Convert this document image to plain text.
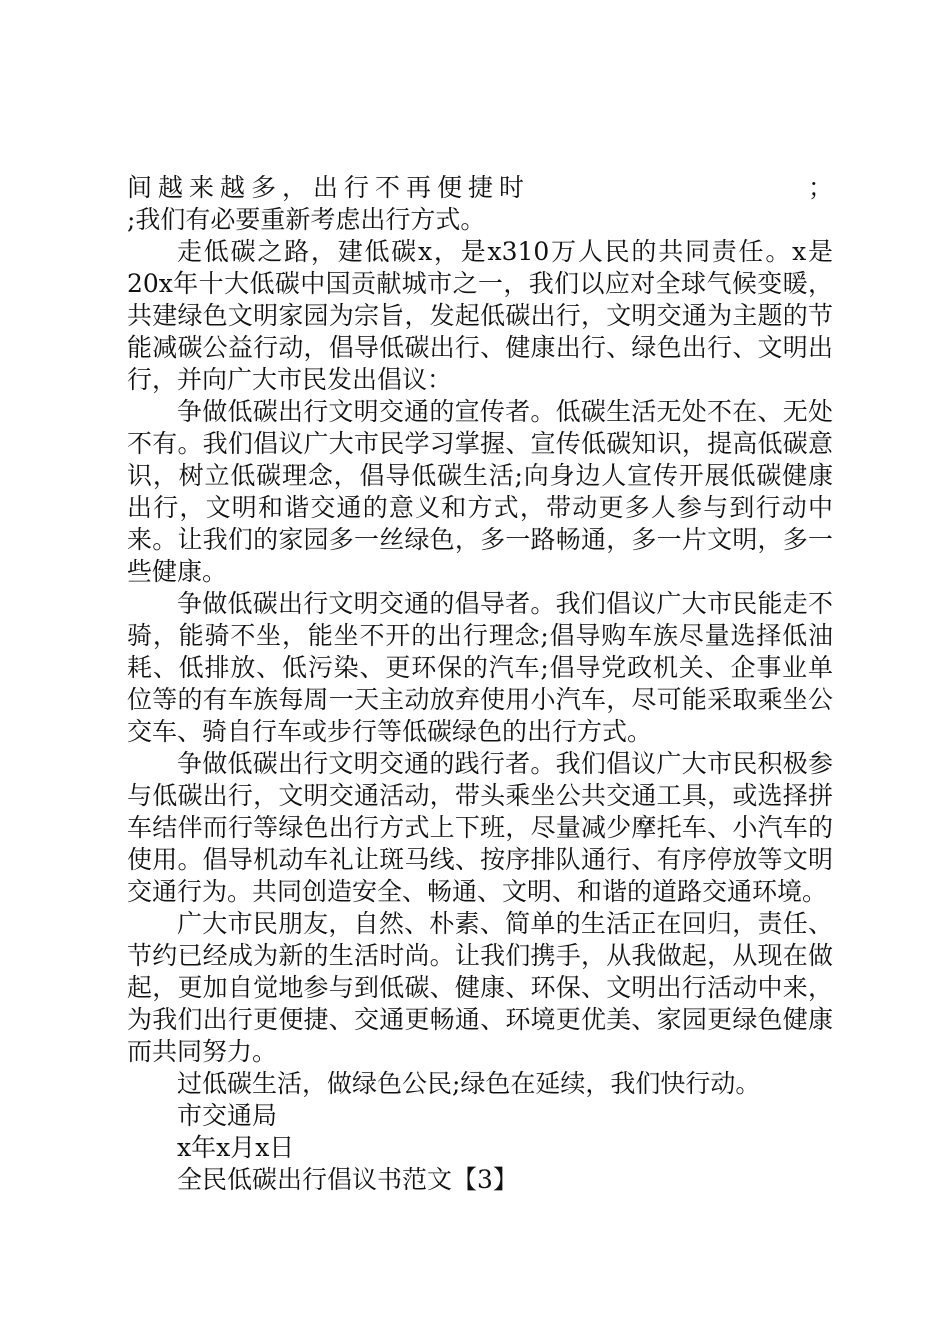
间越来越多，出行不再便捷时	；
;我们有必要重新考虑出行方式。

走低碳之路，建低碳x，是x310万人民的共同责任。x是20x年十大低碳中国贡献城市之一，我们以应对全球气候变暖，共建绿色文明家园为宗旨，发起低碳出行，文明交通为主题的节能减碳公益行动，倡导低碳出行、健康出行、绿色出行、文明出行，并向广大市民发出倡议：

争做低碳出行文明交通的宣传者。低碳生活无处不在、无处不有。我们倡议广大市民学习掌握、宣传低碳知识，提高低碳意识，树立低碳理念，倡导低碳生活;向身边人宣传开展低碳健康出行，文明和谐交通的意义和方式，带动更多人参与到行动中来。让我们的家园多一丝绿色，多一路畅通，多一片文明，多一些健康。

争做低碳出行文明交通的倡导者。我们倡议广大市民能走不骑，能骑不坐，能坐不开的出行理念;倡导购车族尽量选择低油耗、低排放、低污染、更环保的汽车;倡导党政机关、企事业单位等的有车族每周一天主动放弃使用小汽车，尽可能采取乘坐公交车、骑自行车或步行等低碳绿色的出行方式。

争做低碳出行文明交通的践行者。我们倡议广大市民积极参与低碳出行，文明交通活动，带头乘坐公共交通工具，或选择拼车结伴而行等绿色出行方式上下班，尽量减少摩托车、小汽车的使用。倡导机动车礼让斑马线、按序排队通行、有序停放等文明交通行为。共同创造安全、畅通、文明、和谐的道路交通环境。

广大市民朋友，自然、朴素、简单的生活正在回归，责任、节约已经成为新的生活时尚。让我们携手，从我做起，从现在做起，更加自觉地参与到低碳、健康、环保、文明出行活动中来，为我们出行更便捷、交通更畅通、环境更优美、家园更绿色健康而共同努力。

过低碳生活，做绿色公民;绿色在延续，我们快行动。
市交通局
x年x月x日
全民低碳出行倡议书范文【3】
